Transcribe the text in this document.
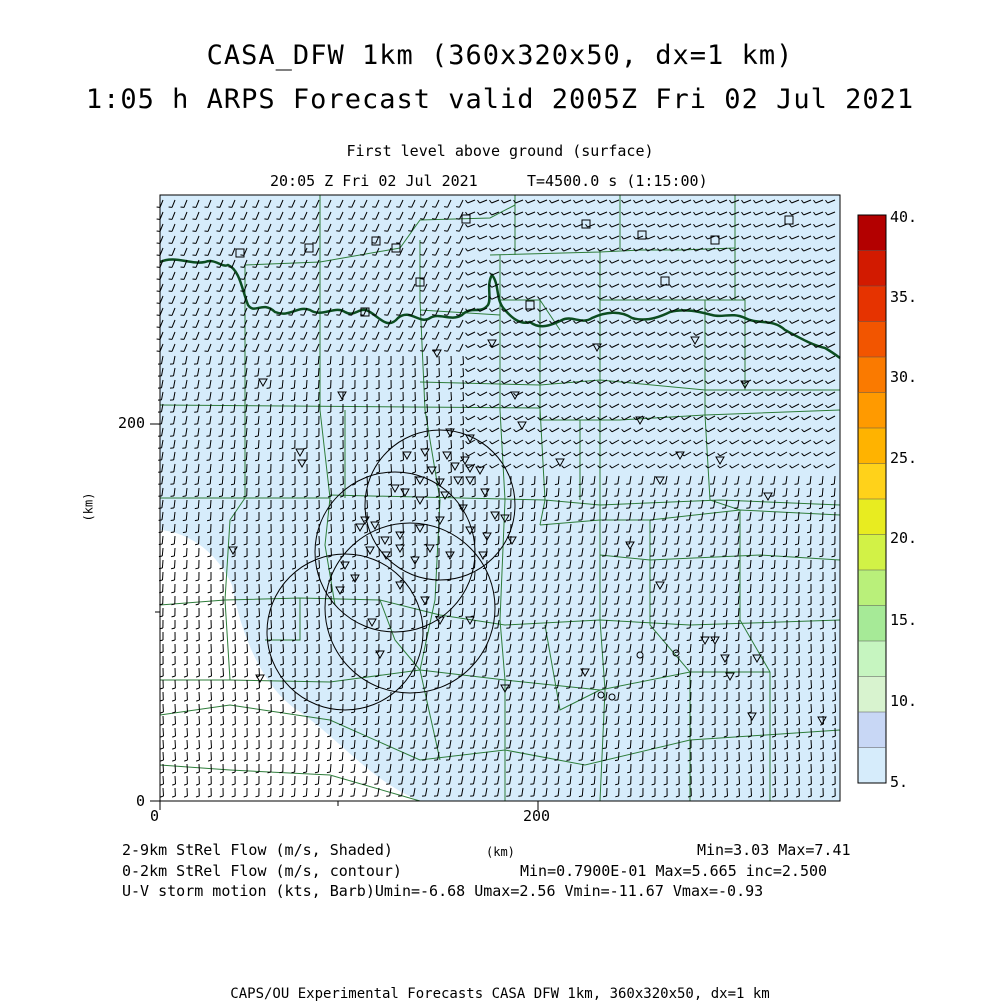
CASA_DFW 1km (360x320x50, dx=1 km)
1:05 h ARPS Forecast valid 2005Z Fri 02 Jul 2021
First level above ground (surface)
20:05 Z Fri 02 Jul 2021	T=4500.0 s (1:15:00)
0	200
0
200
(km)
40.
35.
30.
25.
20.
15.
10.
5.
2-9km StRel Flow (m/s, Shaded)	Min=3.03 Max=7.41
(km)
0-2km StRel Flow (m/s, contour)	Min=0.7900E-01 Max=5.665 inc=2.500
U-V storm motion (kts, Barb)Umin=-6.68 Umax=2.56 Vmin=-11.67 Vmax=-0.93
CAPS/OU Experimental Forecasts CASA DFW 1km, 360x320x50, dx=1 km
